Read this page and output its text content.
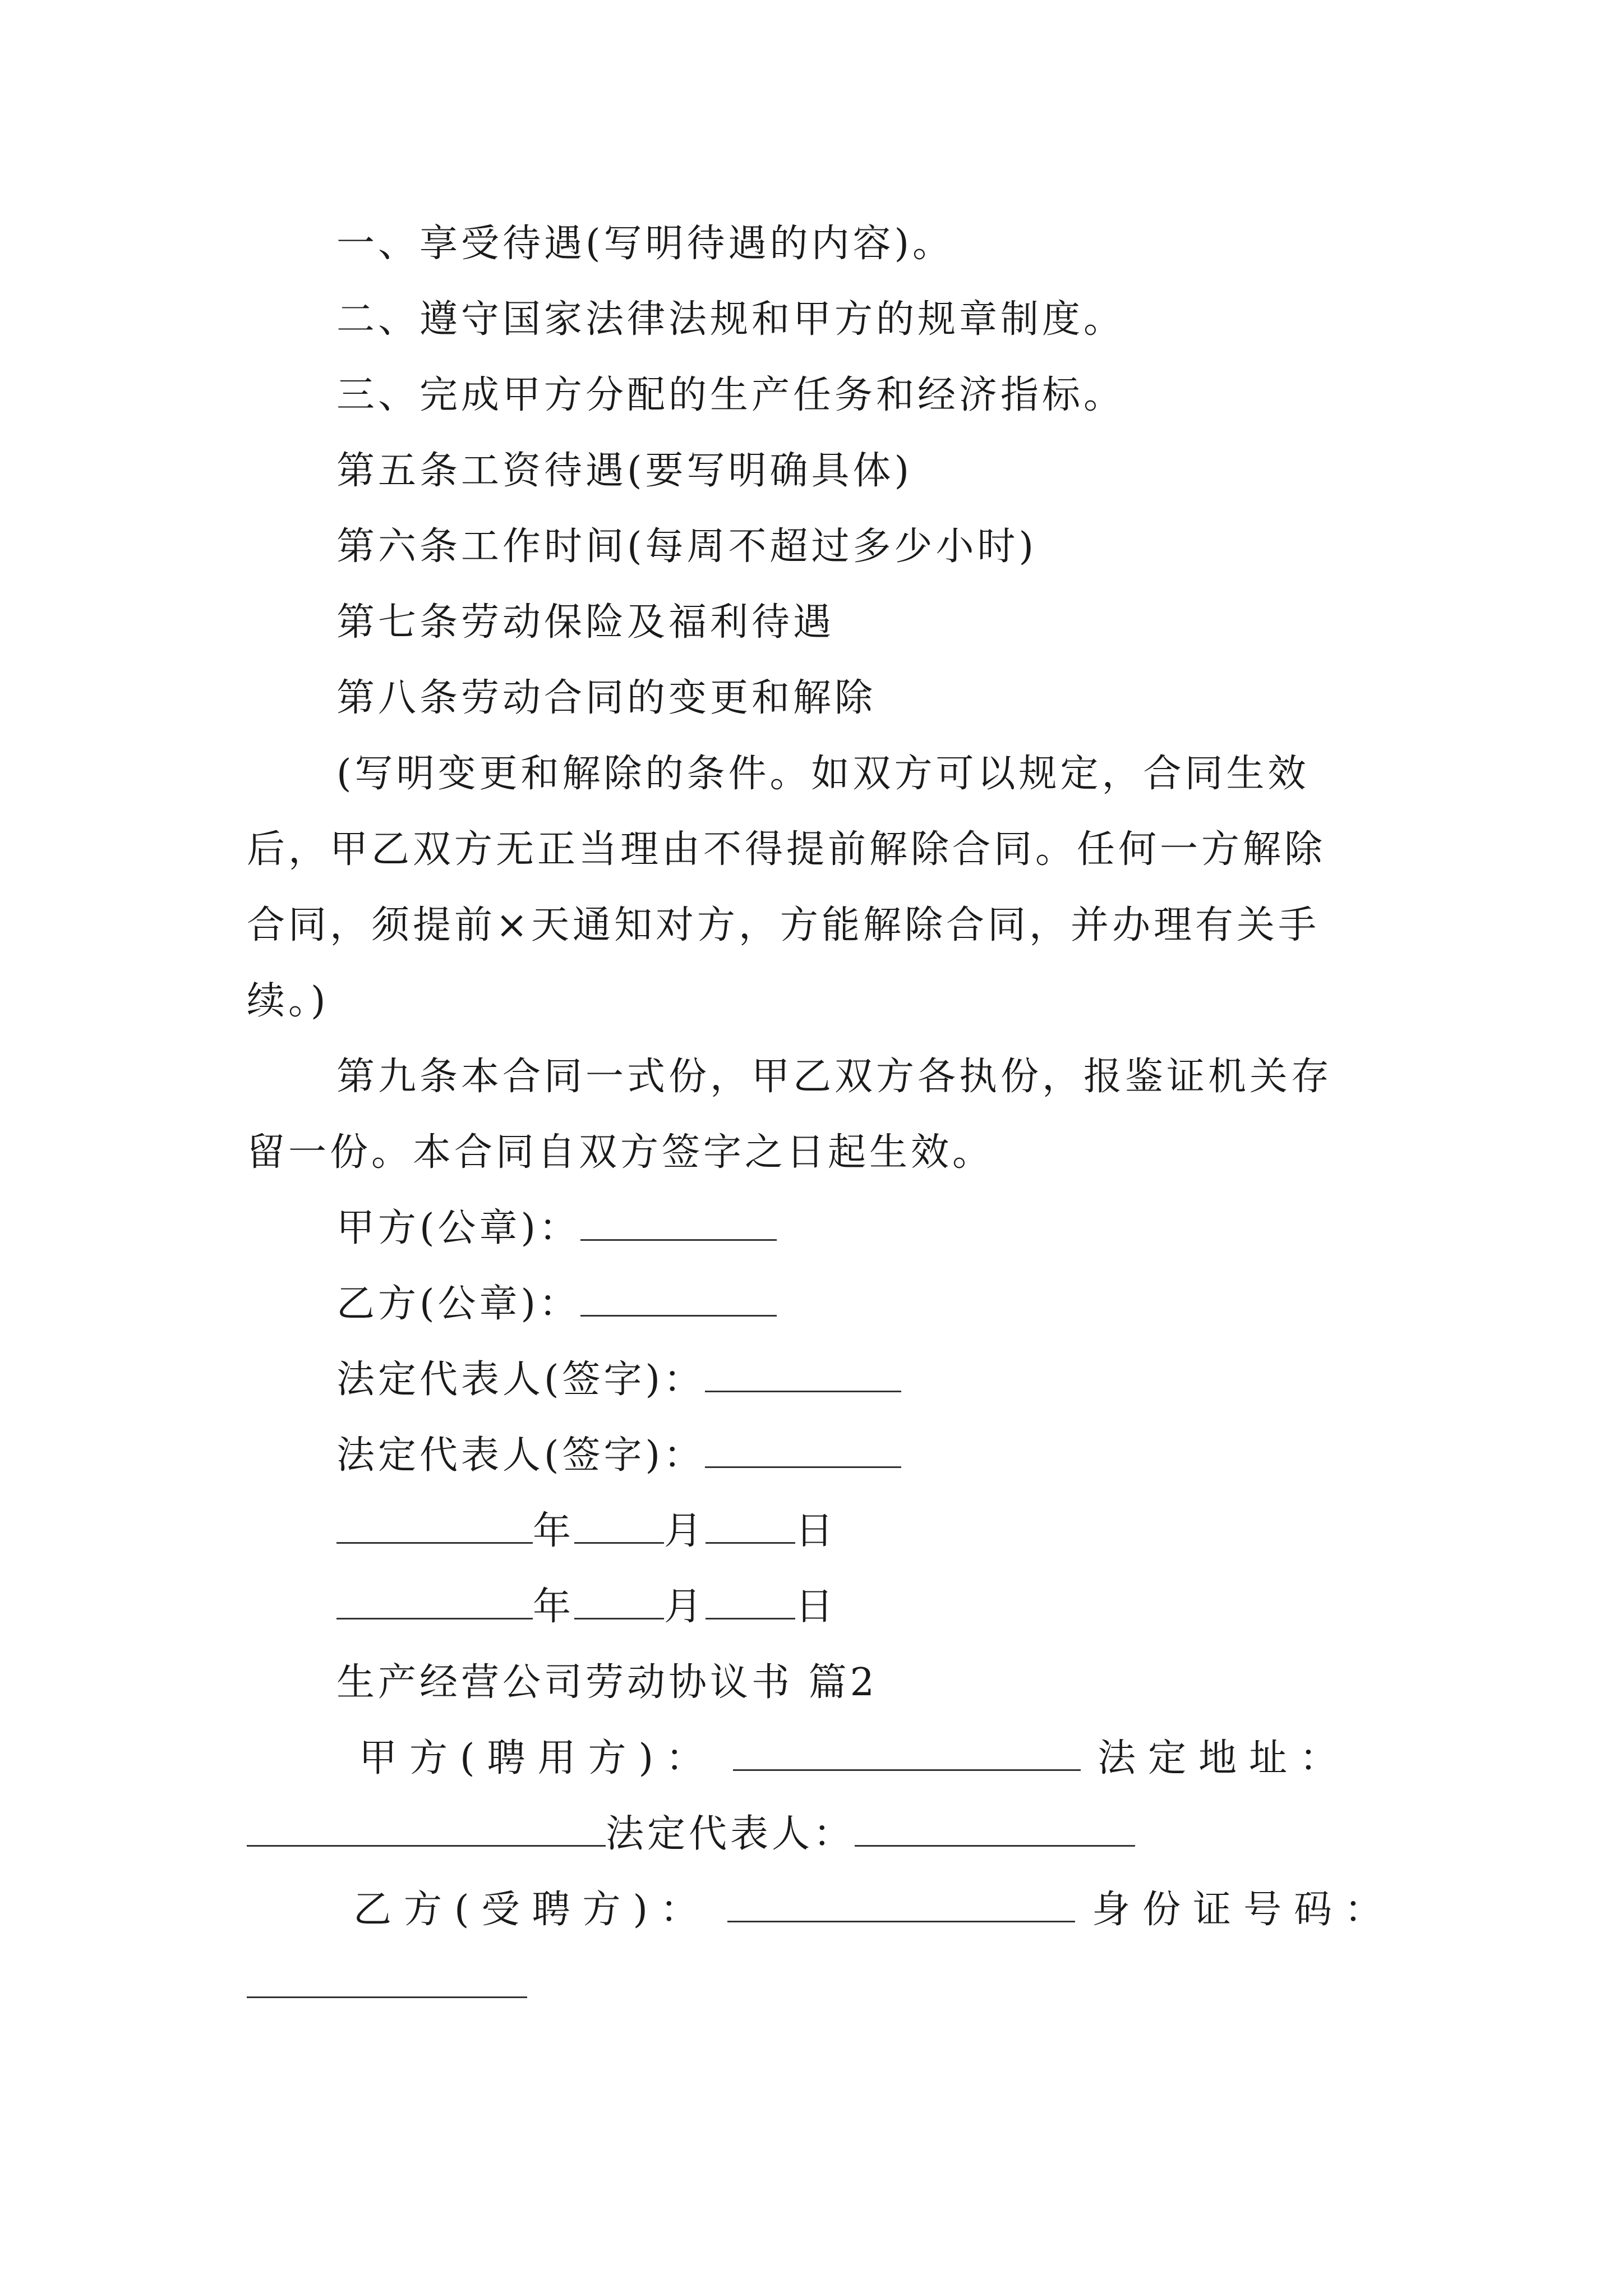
一、享受待遇(写明待遇的内容)。
二、遵守国家法律法规和甲方的规章制度。
三、完成甲方分配的生产任务和经济指标。
第五条工资待遇(要写明确具体)
第六条工作时间(每周不超过多少小时)
第七条劳动保险及福利待遇
第八条劳动合同的变更和解除
(写明变更和解除的条件。如双方可以规定，合同生效
后，甲乙双方无正当理由不得提前解除合同。任何一方解除
合同，须提前×天通知对方，方能解除合同，并办理有关手
续。)
第九条本合同一式份，甲乙双方各执份，报鉴证机关存
留一份。本合同自双方签字之日起生效。
甲方(公章)：
乙方(公章)：
法定代表人(签字)：
法定代表人(签字)：
年 月 日
年 月 日
生产经营公司劳动协议书 篇2
甲方(聘用方)：	法定地址：
法定代表人：
乙方(受聘方)：	身份证号码：
